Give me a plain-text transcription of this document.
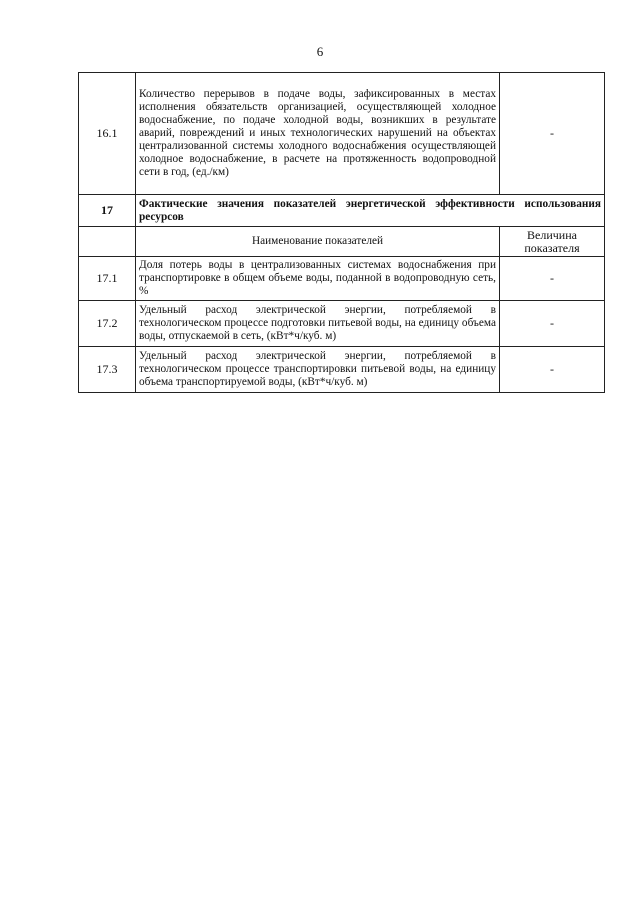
6
16.1	Количество перерывов в подаче воды, зафиксированных в местах исполнения обязательств организацией, осуществляющей холодное водоснабжение, по подаче холодной воды, возникших в результате аварий, повреждений и иных технологических нарушений на объектах централизованной системы холодного водоснабжения осуществляющей холодное водоснабжение, в расчете на протяженность водопроводной сети в год, (ед./км)	-
17	Фактические значения показателей энергетической эффективности использования ресурсов	
	Наименование показателей	Величина показателя
17.1	Доля потерь воды в централизованных системах водоснабжения при транспортировке в общем объеме воды, поданной в водопроводную сеть, %	-
17.2	Удельный расход электрической энергии, потребляемой в технологическом процессе подготовки питьевой воды, на единицу объема воды, отпускаемой в сеть, (кВт*ч/куб. м)	-
17.3	Удельный расход электрической энергии, потребляемой в технологическом процессе транспортировки питьевой воды, на единицу объема транспортируемой воды, (кВт*ч/куб. м)	-
